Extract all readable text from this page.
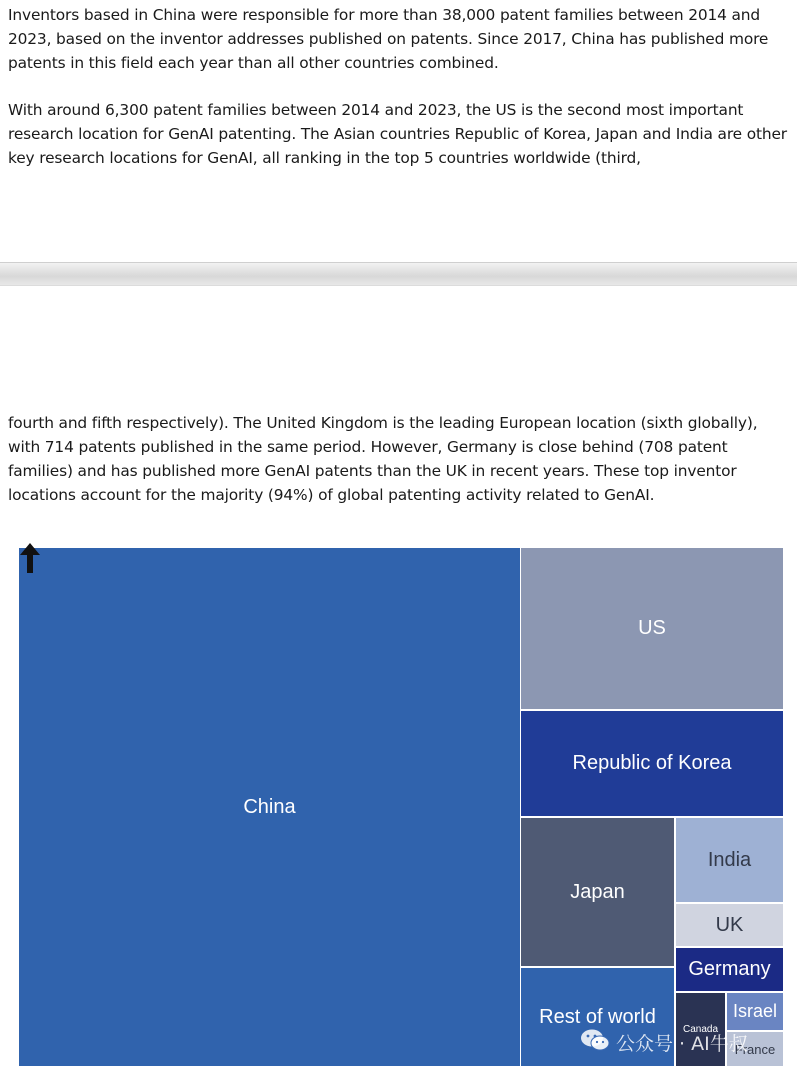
Inventors based in China were responsible for more than 38,000 patent families between 2014 and 2023, based on the inventor addresses published on patents. Since 2017, China has published more patents in this field each year than all other countries combined.

With around 6,300 patent families between 2014 and 2023, the US is the second most important research location for GenAI patenting. The Asian countries Republic of Korea, Japan and India are other key research locations for GenAI, all ranking in the top 5 countries worldwide (third,

fourth and fifth respectively). The United Kingdom is the leading European location (sixth globally), with 714 patents published in the same period. However, Germany is close behind (708 patent families) and has published more GenAI patents than the UK in recent years. These top inventor locations account for the majority (94%) of global patenting activity related to GenAI.

China
US
Republic of Korea
Japan
India
UK
Germany
Rest of world
Canada
Israel
France
公众号 · AI牛叔
